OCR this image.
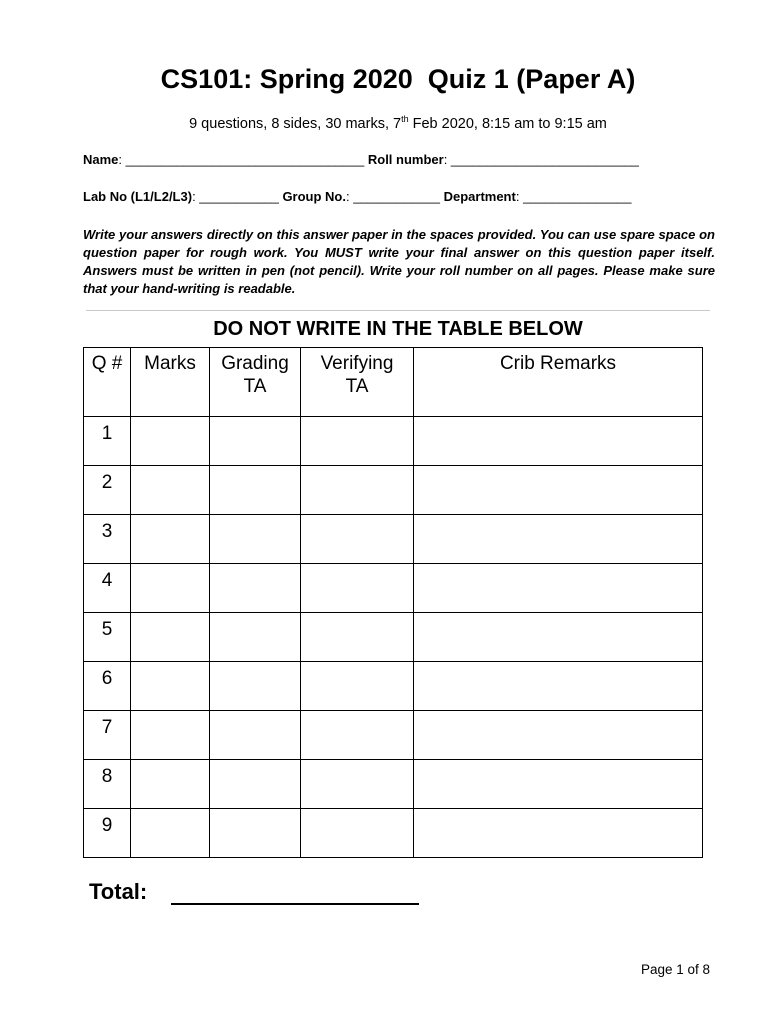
CS101: Spring 2020  Quiz 1 (Paper A)
9 questions, 8 sides, 30 marks, 7th Feb 2020, 8:15 am to 9:15 am
Name: _________________________________ Roll number: __________________________
Lab No (L1/L2/L3): ___________ Group No.: ____________ Department: _______________
Write your answers directly on this answer paper in the spaces provided. You can use spare space on question paper for rough work. You MUST write your final answer on this question paper itself. Answers must be written in pen (not pencil). Write your roll number on all pages. Please make sure that your hand-writing is readable.
DO NOT WRITE IN THE TABLE BELOW
Q #	Marks	Grading TA	Verifying TA	Crib Remarks
1				
2				
3				
4				
5				
6				
7				
8				
9				
Total:
Page 1 of 8
